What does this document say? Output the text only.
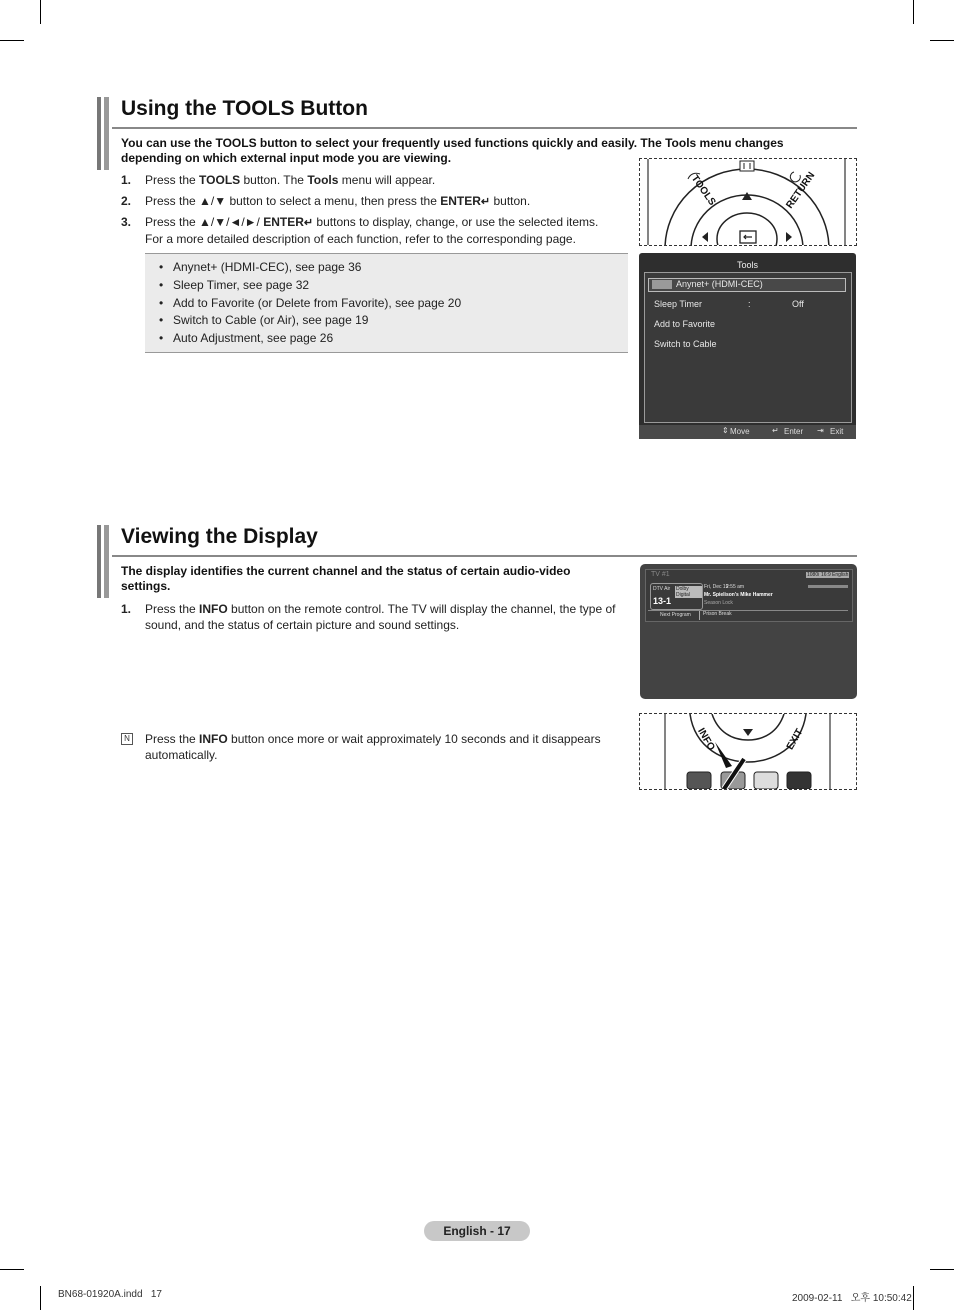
Using the TOOLS Button
You can use the TOOLS button to select your frequently used functions quickly and easily. The Tools menu changes
depending on which external input mode you are viewing.
1. Press the TOOLS button. The Tools menu will appear.
2. Press the ▲/▼ button to select a menu, then press the ENTER↵ button.
3. Press the ▲/▼/◄/►/ ENTER↵ buttons to display, change, or use the selected items.
For a more detailed description of each function, refer to the corresponding page.
• Anynet+ (HDMI-CEC), see page 36
• Sleep Timer, see page 32
• Add to Favorite (or Delete from Favorite), see page 20
• Switch to Cable (or Air), see page 19
• Auto Adjustment, see page 26
TOOLS	RETURN
Tools
Anynet+ (HDMI-CEC)
Sleep Timer	:	Off
Add to Favorite
Switch to Cable
⇕ Move	↵ Enter ⇥ Exit
Viewing the Display
The display identifies the current channel and the status of certain audio-video
settings.
1. Press the INFO button on the remote control. The TV will display the channel, the type of
sound, and the status of certain picture and sound settings.
TV #1	1080i 16:9 English
DTV Air Dolby Digital
13-1
Fri, Dec 19
2:55 am
Mr. Spielison's Mike Hammer
Season Lock
Next Program Prison Break
N Press the INFO button once more or wait approximately 10 seconds and it disappears
automatically.
INFO	EXIT
English - 17
BN68-01920A.indd   17	2009-02-11   오후 10:50:42
